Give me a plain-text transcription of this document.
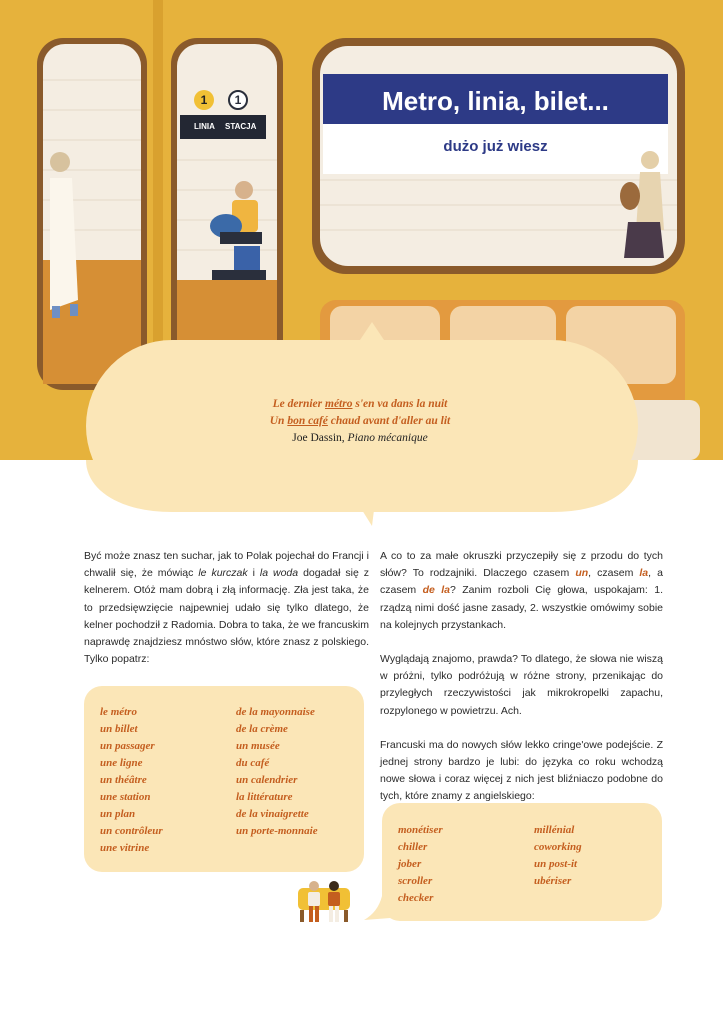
Metro, linia, bilet...
dużo już wiesz
1	1
LINIA STACJA
Le dernier métro s'en va dans la nuit
Un bon café chaud avant d'aller au lit
Joe Dassin, Piano mécanique

Być może znasz ten suchar, jak to Polak pojechał do Francji i chwalił się, że mówiąc le kurczak i la woda dogadał się z kelnerem. Otóż mam dobrą i złą informację. Zła jest taka, że to przedsięwzięcie najpewniej udało się tylko dlatego, że kelner pochodził z Radomia. Dobra to taka, że we francuskim naprawdę znajdziesz mnóstwo słów, które znasz z polskiego. Tylko popatrz:

A co to za małe okruszki przyczepiły się z przodu do tych słów? To rodzajniki. Dlaczego czasem un, czasem la, a czasem de la? Zanim rozboli Cię głowa, uspokajam: 1. rządzą nimi dość jasne zasady, 2. wszystkie omówimy sobie na kolejnych przystankach.

Wyglądają znajomo, prawda? To dlatego, że słowa nie wiszą w próżni, tylko podróżują w różne strony, przenikając do przyległych rzeczywistości jak mikrokropelki zapachu, rozpylonego w powietrzu. Ach.

Francuski ma do nowych słów lekko cringe'owe podejście. Z jednej strony bardzo je lubi: do języka co roku wchodzą nowe słowa i coraz więcej z nich jest bliźniaczo podobne do tych, które znamy z angielskiego:

le métro
un billet
un passager
une ligne
un théâtre
une station
un plan
un contrôleur
une vitrine
de la mayonnaise
de la crème
un musée
du café
un calendrier
la littérature
de la vinaigrette
un porte-monnaie	monétiser
chiller
jober
scroller
checker
millénial
coworking
un post-it
ubériser
